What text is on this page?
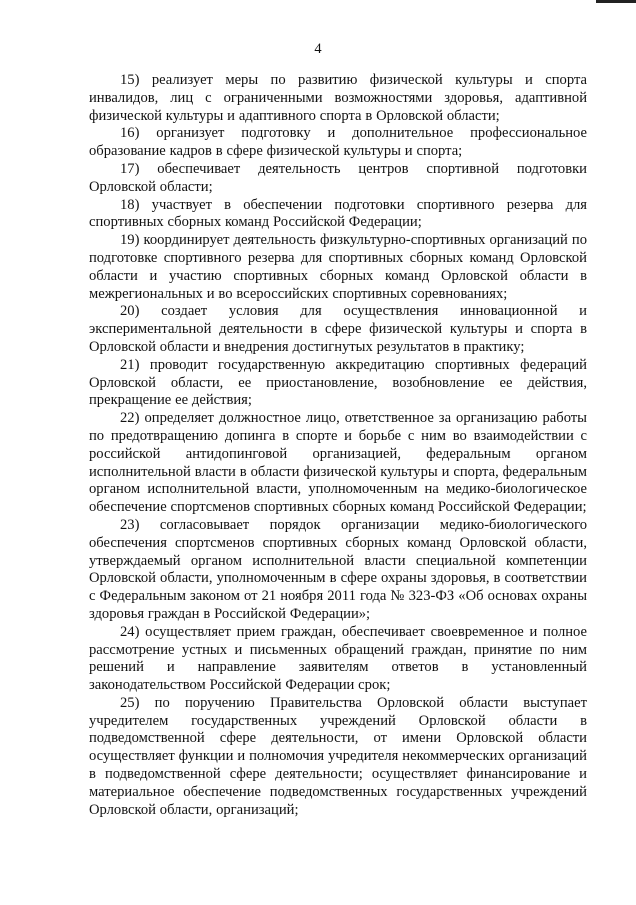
4

15) реализует меры по развитию физической культуры и спорта инвалидов, лиц с ограниченными возможностями здоровья, адаптивной физической культуры и адаптивного спорта в Орловской области;

16) организует подготовку и дополнительное профессиональное образование кадров в сфере физической культуры и спорта;

17) обеспечивает деятельность центров спортивной подготовки Орловской области;

18) участвует в обеспечении подготовки спортивного резерва для спортивных сборных команд Российской Федерации;

19) координирует деятельность физкультурно-спортивных организаций по подготовке спортивного резерва для спортивных сборных команд Орловской области и участию спортивных сборных команд Орловской области в межрегиональных и во всероссийских спортивных соревнованиях;

20) создает условия для осуществления инновационной и экспериментальной деятельности в сфере физической культуры и спорта в Орловской области и внедрения достигнутых результатов в практику;

21) проводит государственную аккредитацию спортивных федераций Орловской области, ее приостановление, возобновление ее действия, прекращение ее действия;

22) определяет должностное лицо, ответственное за организацию работы по предотвращению допинга в спорте и борьбе с ним во взаимодействии с российской антидопинговой организацией, федеральным органом исполнительной власти в области физической культуры и спорта, федеральным органом исполнительной власти, уполномоченным на медико-биологическое обеспечение спортсменов спортивных сборных команд Российской Федерации;

23) согласовывает порядок организации медико-биологического обеспечения спортсменов спортивных сборных команд Орловской области, утверждаемый органом исполнительной власти специальной компетенции Орловской области, уполномоченным в сфере охраны здоровья, в соответствии с Федеральным законом от 21 ноября 2011 года № 323-ФЗ «Об основах охраны здоровья граждан в Российской Федерации»;

24) осуществляет прием граждан, обеспечивает своевременное и полное рассмотрение устных и письменных обращений граждан, принятие по ним решений и направление заявителям ответов в установленный законодательством Российской Федерации срок;

25) по поручению Правительства Орловской области выступает учредителем государственных учреждений Орловской области в подведомственной сфере деятельности, от имени Орловской области осуществляет функции и полномочия учредителя некоммерческих организаций в подведомственной сфере деятельности; осуществляет финансирование и материальное обеспечение подведомственных государственных учреждений Орловской области, организаций;
